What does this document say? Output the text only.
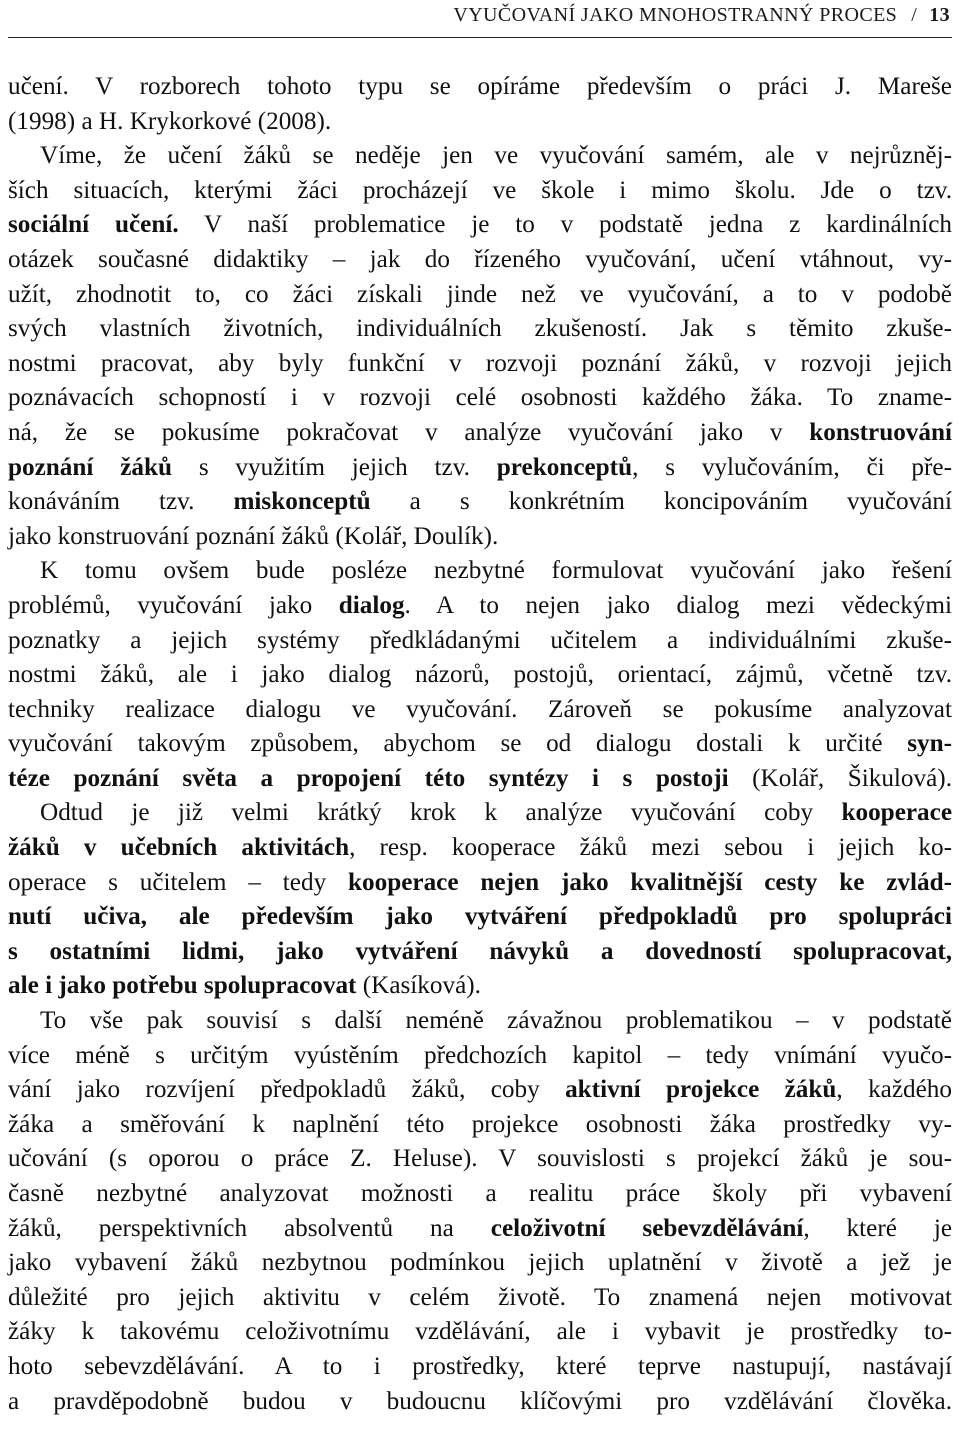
VYUČOVANÍ JAKO MNOHOSTRANNÝ PROCES / 13
učení. V rozborech tohoto typu se opíráme především o práci J. Mareše
(1998) a H. Krykorkové (2008).
Víme, že učení žáků se neděje jen ve vyučování samém, ale v nejrůzněj-
ších situacích, kterými žáci procházejí ve škole i mimo školu. Jde o tzv.
sociální učení. V naší problematice je to v podstatě jedna z kardinálních
otázek současné didaktiky – jak do řízeného vyučování, učení vtáhnout, vy-
užít, zhodnotit to, co žáci získali jinde než ve vyučování, a to v podobě
svých vlastních životních, individuálních zkušeností. Jak s těmito zkuše-
nostmi pracovat, aby byly funkční v rozvoji poznání žáků, v rozvoji jejich
poznávacích schopností i v rozvoji celé osobnosti každého žáka. To zname-
ná, že se pokusíme pokračovat v analýze vyučování jako v konstruování
poznání žáků s využitím jejich tzv. prekonceptů, s vylučováním, či pře-
konáváním tzv. miskonceptů a s konkrétním koncipováním vyučování
jako konstruování poznání žáků (Kolář, Doulík).
K tomu ovšem bude posléze nezbytné formulovat vyučování jako řešení
problémů, vyučování jako dialog. A to nejen jako dialog mezi vědeckými
poznatky a jejich systémy předkládanými učitelem a individuálními zkuše-
nostmi žáků, ale i jako dialog názorů, postojů, orientací, zájmů, včetně tzv.
techniky realizace dialogu ve vyučování. Zároveň se pokusíme analyzovat
vyučování takovým způsobem, abychom se od dialogu dostali k určité syn-
téze poznání světa a propojení této syntézy i s postoji (Kolář, Šikulová).
Odtud je již velmi krátký krok k analýze vyučování coby kooperace
žáků v učebních aktivitách, resp. kooperace žáků mezi sebou i jejich ko-
operace s učitelem – tedy kooperace nejen jako kvalitnější cesty ke zvlád-
nutí učiva, ale především jako vytváření předpokladů pro spolupráci
s ostatními lidmi, jako vytváření návyků a dovedností spolupracovat,
ale i jako potřebu spolupracovat (Kasíková).
To vše pak souvisí s další neméně závažnou problematikou – v podstatě
více méně s určitým vyústěním předchozích kapitol – tedy vnímání vyučo-
vání jako rozvíjení předpokladů žáků, coby aktivní projekce žáků, každého
žáka a směřování k naplnění této projekce osobnosti žáka prostředky vy-
učování (s oporou o práce Z. Heluse). V souvislosti s projekcí žáků je sou-
časně nezbytné analyzovat možnosti a realitu práce školy při vybavení
žáků, perspektivních absolventů na celoživotní sebevzdělávání, které je
jako vybavení žáků nezbytnou podmínkou jejich uplatnění v životě a jež je
důležité pro jejich aktivitu v celém životě. To znamená nejen motivovat
žáky k takovému celoživotnímu vzdělávání, ale i vybavit je prostředky to-
hoto sebevzdělávání. A to i prostředky, které teprve nastupují, nastávají
a pravděpodobně budou v budoucnu klíčovými pro vzdělávání člověka.
